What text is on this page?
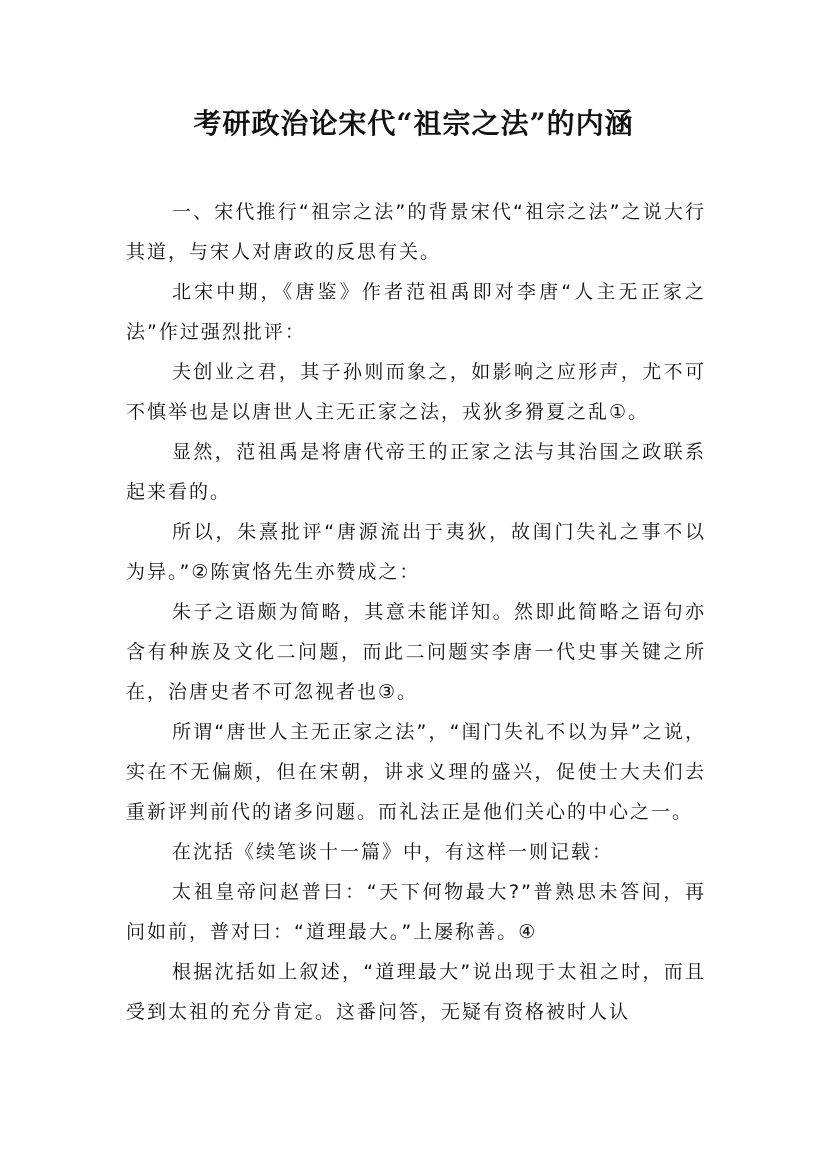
考研政治论宋代“祖宗之法”的内涵

一、宋代推行“祖宗之法”的背景宋代“祖宗之法”之说大行其道，与宋人对唐政的反思有关。

北宋中期，《唐鉴》作者范祖禹即对李唐“人主无正家之法”作过强烈批评：

夫创业之君，其子孙则而象之，如影响之应形声，尤不可不慎举也是以唐世人主无正家之法，戎狄多猾夏之乱①。

显然，范祖禹是将唐代帝王的正家之法与其治国之政联系起来看的。

所以，朱熹批评“唐源流出于夷狄，故闺门失礼之事不以为异。”②陈寅恪先生亦赞成之：

朱子之语颇为简略，其意未能详知。然即此简略之语句亦含有种族及文化二问题，而此二问题实李唐一代史事关键之所在，治唐史者不可忽视者也③。

所谓“唐世人主无正家之法”，“闺门失礼不以为异”之说，实在不无偏颇，但在宋朝，讲求义理的盛兴，促使士大夫们去重新评判前代的诸多问题。而礼法正是他们关心的中心之一。

在沈括《续笔谈十一篇》中，有这样一则记载：

太祖皇帝问赵普曰：“天下何物最大?”普熟思未答间，再问如前，普对曰：“道理最大。”上屡称善。④

根据沈括如上叙述，“道理最大”说出现于太祖之时，而且受到太祖的充分肯定。这番问答，无疑有资格被时人认
